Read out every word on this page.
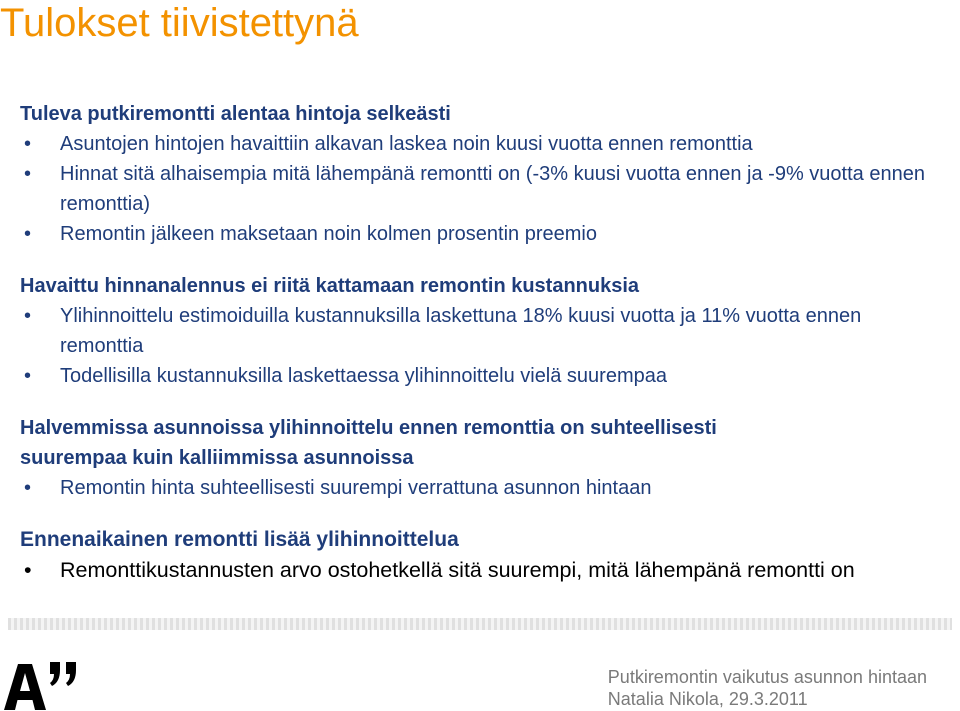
Tulokset tiivistettynä
Tuleva putkiremontti alentaa hintoja selkeästi
• Asuntojen hintojen havaittiin alkavan laskea noin kuusi vuotta ennen remonttia
• Hinnat sitä alhaisempia mitä lähempänä remontti on (-3% kuusi vuotta ennen ja -9% vuotta ennen remonttia)
• Remontin jälkeen maksetaan noin kolmen prosentin preemio
Havaittu hinnanalennus ei riitä kattamaan remontin kustannuksia
• Ylihinnoittelu estimoiduilla kustannuksilla laskettuna 18% kuusi vuotta ja 11% vuotta ennen remonttia
• Todellisilla kustannuksilla laskettaessa ylihinnoittelu vielä suurempaa
Halvemmissa asunnoissa ylihinnoittelu ennen remonttia on suhteellisesti
suurempaa kuin kalliimmissa asunnoissa
• Remontin hinta suhteellisesti suurempi verrattuna asunnon hintaan
Ennenaikainen remontti lisää ylihinnoittelua
• Remonttikustannusten arvo ostohetkellä sitä suurempi, mitä lähempänä remontti on
Putkiremontin vaikutus asunnon hintaan
Natalia Nikola, 29.3.2011
